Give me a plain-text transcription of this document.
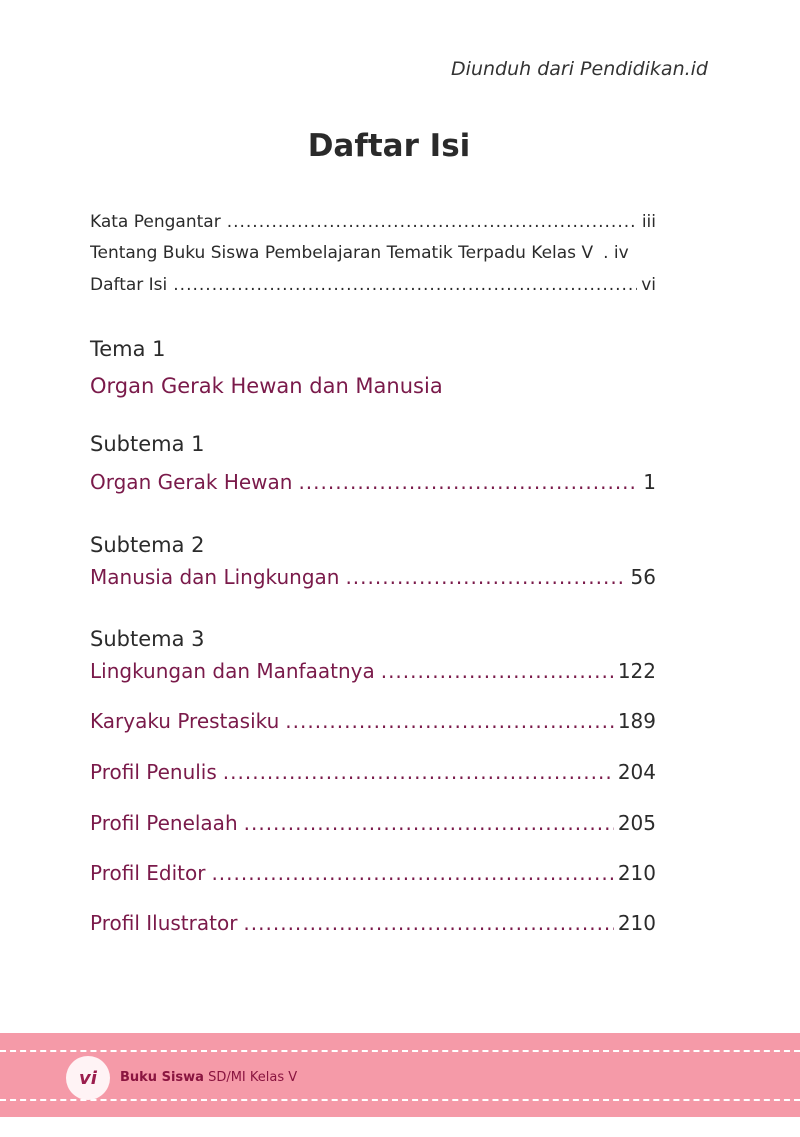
Diunduh dari Pendidikan.id
Daftar Isi
Kata Pengantar .....	iii
Tentang Buku Siswa Pembelajaran Tematik Terpadu Kelas V . iv
Daftar Isi .....	vi
Tema 1
Organ Gerak Hewan dan Manusia
Subtema 1
Organ Gerak Hewan .....	1
Subtema 2
Manusia dan Lingkungan .....	56
Subtema 3
Lingkungan dan Manfaatnya .....	122
Karyaku Prestasiku .....	189
Profil Penulis .....	204
Profil Penelaah .....	205
Profil Editor .....	210
Profil Ilustrator .....	210
vi	Buku Siswa SD/MI Kelas V
